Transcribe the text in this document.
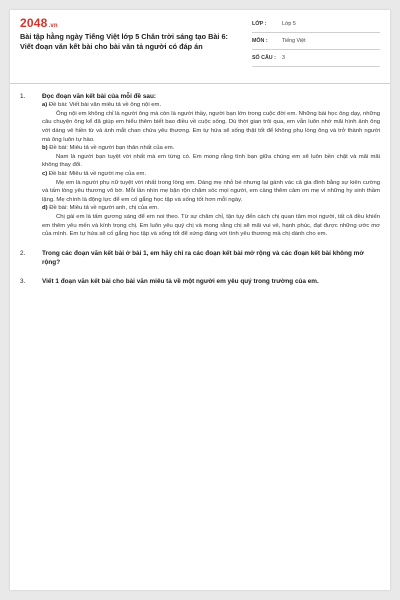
2048.vn
Bài tập hằng ngày Tiếng Việt lớp 5 Chân trời sáng tạo Bài 6: Viết đoạn văn kết bài cho bài văn tả người có đáp án
LỚP :	Lớp 5
MÔN :	Tiếng Việt
SỐ CÂU :	3
1.	Đọc đoạn văn kết bài của mỗi đề sau:

a) Đề bài: Viết bài văn miêu tả về ông nội em.

Ông nội em không chỉ là người ông mà còn là người thầy, người bạn lớn trong cuộc đời em. Những bài học ông dạy, những câu chuyện ông kể đã giúp em hiểu thêm biết bao điều về cuộc sống. Dù thời gian trôi qua, em vẫn luôn nhớ mãi hình ảnh ông với dáng vẻ hiền từ và ánh mắt chan chứa yêu thương. Em tự hứa sẽ sống thật tốt để không phụ lòng ông và trở thành người mà ông luôn tự hào.

b) Đề bài: Miêu tả về người bạn thân nhất của em.

Nam là người bạn tuyệt vời nhất mà em từng có. Em mong rằng tình bạn giữa chúng em sẽ luôn bền chặt và mãi mãi không thay đổi.

c) Đề bài: Miêu tả về người mẹ của em.

Mẹ em là người phụ nữ tuyệt vời nhất trong lòng em. Dáng mẹ nhỏ bé nhưng lại gánh vác cả gia đình bằng sự kiên cường và tấm lòng yêu thương vô bờ. Mỗi lần nhìn mẹ bận rộn chăm sóc mọi người, em càng thêm cảm ơn mẹ vì những hy sinh thầm lặng. Mẹ chính là động lực để em cố gắng học tập và sống tốt hơn mỗi ngày.

d) Đề bài: Miêu tả về người anh, chị của em.

Chị gái em là tấm gương sáng để em noi theo. Từ sự chăm chỉ, tận tụy đến cách chị quan tâm mọi người, tất cả đều khiến em thêm yêu mến và kính trọng chị. Em luôn yêu quý chị và mong rằng chị sẽ mãi vui vẻ, hạnh phúc, đạt được những ước mơ của mình. Em tự hứa sẽ cố gắng học tập và sống tốt để xứng đáng với tình yêu thương mà chị dành cho em.

2.	Trong các đoạn văn kết bài ở bài 1, em hãy chỉ ra các đoạn kết bài mở rộng và các đoạn kết bài không mở rộng?
3.	Viết 1 đoạn văn kết bài cho bài văn miêu tả về một người em yêu quý trong trường của em.
